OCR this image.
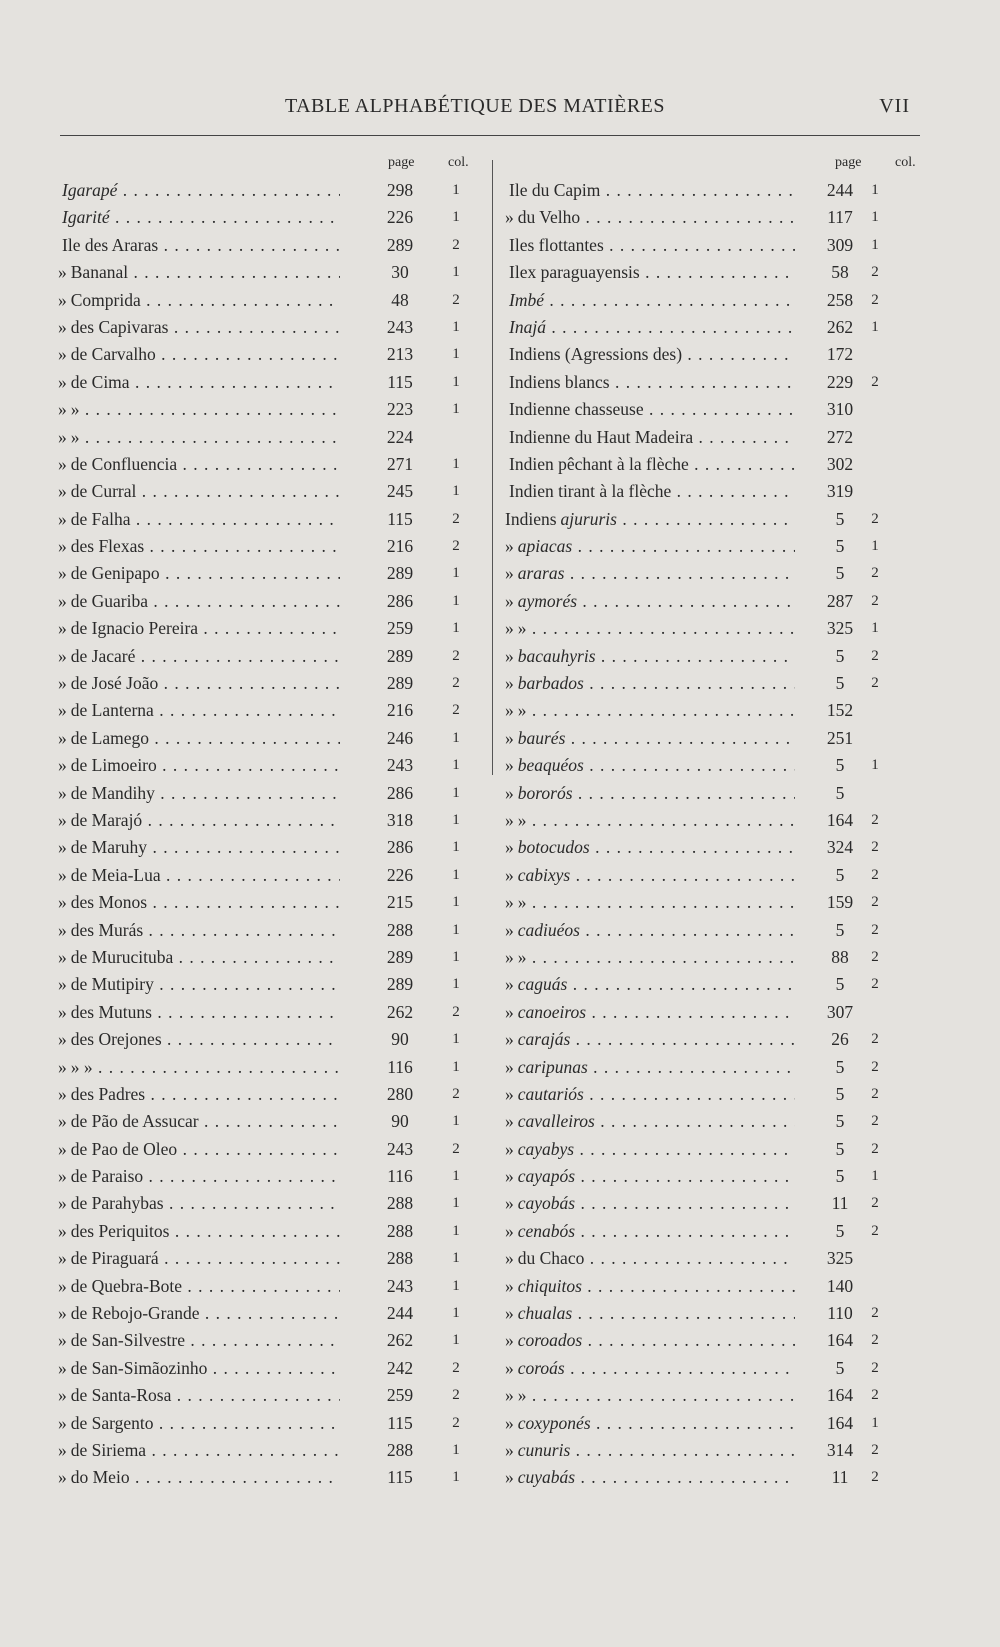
TABLE ALPHABÉTIQUE DES MATIÈRES	VII
page col.
Igarapé . . .	298	1
Igarité . . .	226	1
Ile des Araras . . .	289	2
» Bananal . . .	30	1
» Comprida . . .	48	2
» des Capivaras . . .	243	1
» de Carvalho . . .	213	1
» de Cima . . .	115	1
» » . . .	223	1
» » . . .	224
» de Confluencia . . .	271	1
» de Curral . . .	245	1
» de Falha . . .	115	2
» des Flexas . . .	216	2
» de Genipapo . . .	289	1
» de Guariba . . .	286	1
» de Ignacio Pereira . . .	259	1
» de Jacaré . . .	289	2
» de José João . . .	289	2
» de Lanterna . . .	216	2
» de Lamego . . .	246	1
» de Limoeiro . . .	243	1
» de Mandihy . . .	286	1
» de Marajó . . .	318	1
» de Maruhy . . .	286	1
» de Meia-Lua . . .	226	1
» des Monos . . .	215	1
» des Murás . . .	288	1
» de Murucituba . . .	289	1
» de Mutipiry . . .	289	1
» des Mutuns . . .	262	2
» des Orejones . . .	90	1
» » » . . .	116	1
» des Padres . . .	280	2
» de Pão de Assucar . . .	90	1
» de Pao de Oleo . . .	243	2
» de Paraiso . . .	116	1
» de Parahybas . . .	288	1
» des Periquitos . . .	288	1
» de Piraguará . . .	288	1
» de Quebra-Bote . . .	243	1
» de Rebojo-Grande . . .	244	1
» de San-Silvestre . . .	262	1
» de San-Simãozinho . . .	242	2
» de Santa-Rosa . . .	259	2
» de Sargento . . .	115	2
» de Siriema . . .	288	1
» do Meio . . .	115	1
page col.
Ile du Capim . . .	244	1
» du Velho . . .	117	1
Iles flottantes . . .	309	1
Ilex paraguayensis . . .	58	2
Imbé . . .	258	2
Inajá . . .	262	1
Indiens (Agressions des) . . .	172
Indiens blancs . . .	229	2
Indienne chasseuse . . .	310
Indienne du Haut Madeira . . .	272
Indien pêchant à la flèche . . .	302
Indien tirant à la flèche . . .	319
Indiens ajururis . . .	5	2
» apiacas . . .	5	1
» araras . . .	5	2
» aymorés . . .	287	2
» » . . .	325	1
» bacauhyris . . .	5	2
» barbados . . .	5	2
» » . . .	152
» baurés . . .	251
» beaquéos . . .	5	1
» bororós . . .	5
» » . . .	164	2
» botocudos . . .	324	2
» cabixys . . .	5	2
» » . . .	159	2
» cadiuéos . . .	5	2
» » . . .	88	2
» caguás . . .	5	2
» canoeiros . . .	307
» carajás . . .	26	2
» caripunas . . .	5	2
» cautariós . . .	5	2
» cavalleiros . . .	5	2
» cayabys . . .	5	2
» cayapós . . .	5	1
» cayobás . . .	11	2
» cenabós . . .	5	2
» du Chaco . . .	325
» chiquitos . . .	140
» chualas . . .	110	2
» coroados . . .	164	2
» coroás . . .	5	2
» » . . .	164	2
» coxyponés . . .	164	1
» cunuris . . .	314	2
» cuyabás . . .	11	2
